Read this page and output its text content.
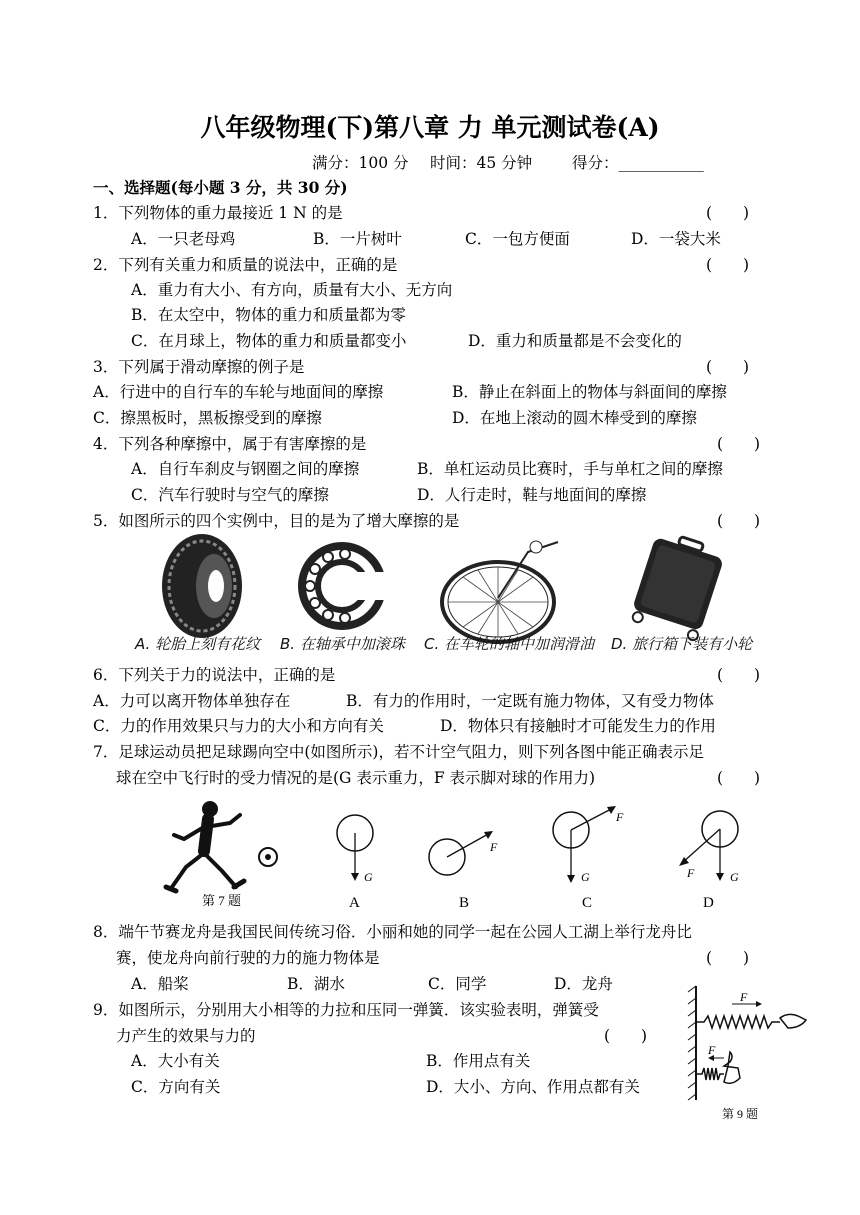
八年级物理(下)第八章 力 单元测试卷(A)
满分：100 分 时间：45 分钟	得分：___________
一、选择题(每小题 3 分，共 30 分)
1．下列物体的重力最接近 1 N 的是	(　　)
A．一只老母鸡	B．一片树叶	C．一包方便面	D．一袋大米
2．下列有关重力和质量的说法中，正确的是	(　　)
A．重力有大小、有方向，质量有大小、无方向
B．在太空中，物体的重力和质量都为零
C．在月球上，物体的重力和质量都变小	D．重力和质量都是不会变化的
3．下列属于滑动摩擦的例子是	(　　)
A．行进中的自行车的车轮与地面间的摩擦	B．静止在斜面上的物体与斜面间的摩擦
C．擦黑板时，黑板擦受到的摩擦	D．在地上滚动的圆木棒受到的摩擦
4．下列各种摩擦中，属于有害摩擦的是	(　　)
A．自行车刹皮与钢圈之间的摩擦	B．单杠运动员比赛时，手与单杠之间的摩擦
C．汽车行驶时与空气的摩擦	D．人行走时，鞋与地面间的摩擦
5．如图所示的四个实例中，目的是为了增大摩擦的是	(　　)
A. 轮胎上刻有花纹 B. 在轴承中加滚珠 C. 在车轮的轴中加润滑油 D. 旅行箱下装有小轮
6．下列关于力的说法中，正确的是	(　　)
A．力可以离开物体单独存在	B．有力的作用时，一定既有施力物体，又有受力物体
C．力的作用效果只与力的大小和方向有关	D．物体只有接触时才可能发生力的作用
7．足球运动员把足球踢向空中(如图所示)，若不计空气阻力，则下列各图中能正确表示足
球在空中飞行时的受力情况的是(G 表示重力，F 表示脚对球的作用力)	(　　)
第 7 题
G
A
F
B
F
G
C
F	G
D
8．端午节赛龙舟是我国民间传统习俗．小丽和她的同学一起在公园人工湖上举行龙舟比
赛，使龙舟向前行驶的力的施力物体是	(　　)
A．船桨	B．湖水	C．同学	D．龙舟
9．如图所示，分别用大小相等的力拉和压同一弹簧．该实验表明，弹簧受
力产生的效果与力的	(　　)
A．大小有关	B．作用点有关
C．方向有关	D．大小、方向、作用点都有关
F
F
第 9 题
